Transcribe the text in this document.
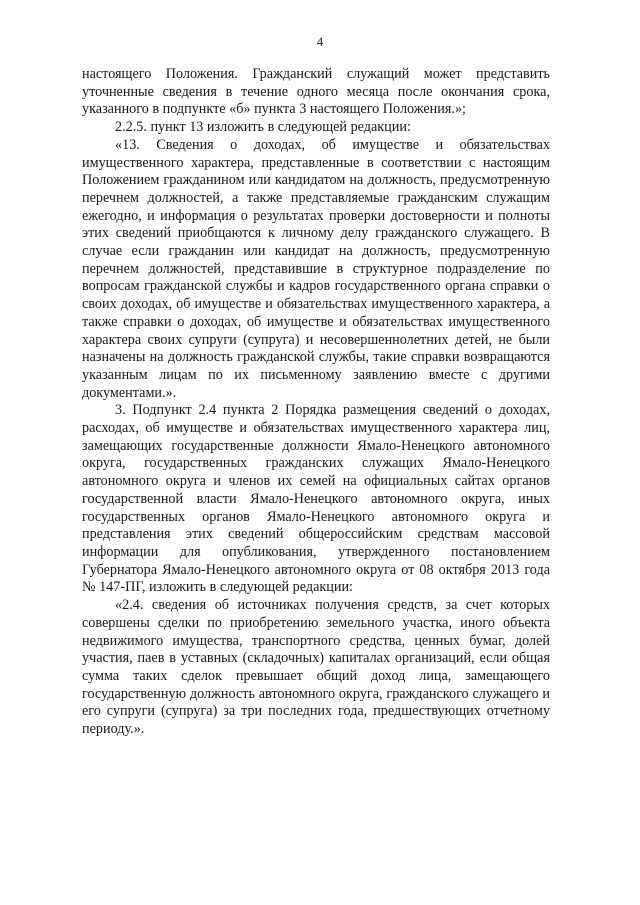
4

настоящего Положения. Гражданский служащий может представить уточненные сведения в течение одного месяца после окончания срока, указанного в подпункте «б» пункта 3 настоящего Положения.»;

2.2.5. пункт 13 изложить в следующей редакции:

«13. Сведения о доходах, об имуществе и обязательствах имущественного характера, представленные в соответствии с настоящим Положением гражданином или кандидатом на должность, предусмотренную перечнем должностей, а также представляемые гражданским служащим ежегодно, и информация о результатах проверки достоверности и полноты этих сведений приобщаются к личному делу гражданского служащего. В случае если гражданин или кандидат на должность, предусмотренную перечнем должностей, представившие в структурное подразделение по вопросам гражданской службы и кадров государственного органа справки о своих доходах, об имуществе и обязательствах имущественного характера, а также справки о доходах, об имуществе и обязательствах имущественного характера своих супруги (супруга) и несовершеннолетних детей, не были назначены на должность гражданской службы, такие справки возвращаются указанным лицам по их письменному заявлению вместе с другими документами.».

3. Подпункт 2.4 пункта 2 Порядка размещения сведений о доходах, расходах, об имуществе и обязательствах имущественного характера лиц, замещающих государственные должности Ямало-Ненецкого автономного округа, государственных гражданских служащих Ямало-Ненецкого автономного округа и членов их семей на официальных сайтах органов государственной власти Ямало-Ненецкого автономного округа, иных государственных органов Ямало-Ненецкого автономного округа и представления этих сведений общероссийским средствам массовой информации для опубликования, утвержденного постановлением Губернатора Ямало-Ненецкого автономного округа от 08 октября 2013 года № 147-ПГ, изложить в следующей редакции:

«2.4. сведения об источниках получения средств, за счет которых совершены сделки по приобретению земельного участка, иного объекта недвижимого имущества, транспортного средства, ценных бумаг, долей участия, паев в уставных (складочных) капиталах организаций, если общая сумма таких сделок превышает общий доход лица, замещающего государственную должность автономного округа, гражданского служащего и его супруги (супруга) за три последних года, предшествующих отчетному периоду.».
